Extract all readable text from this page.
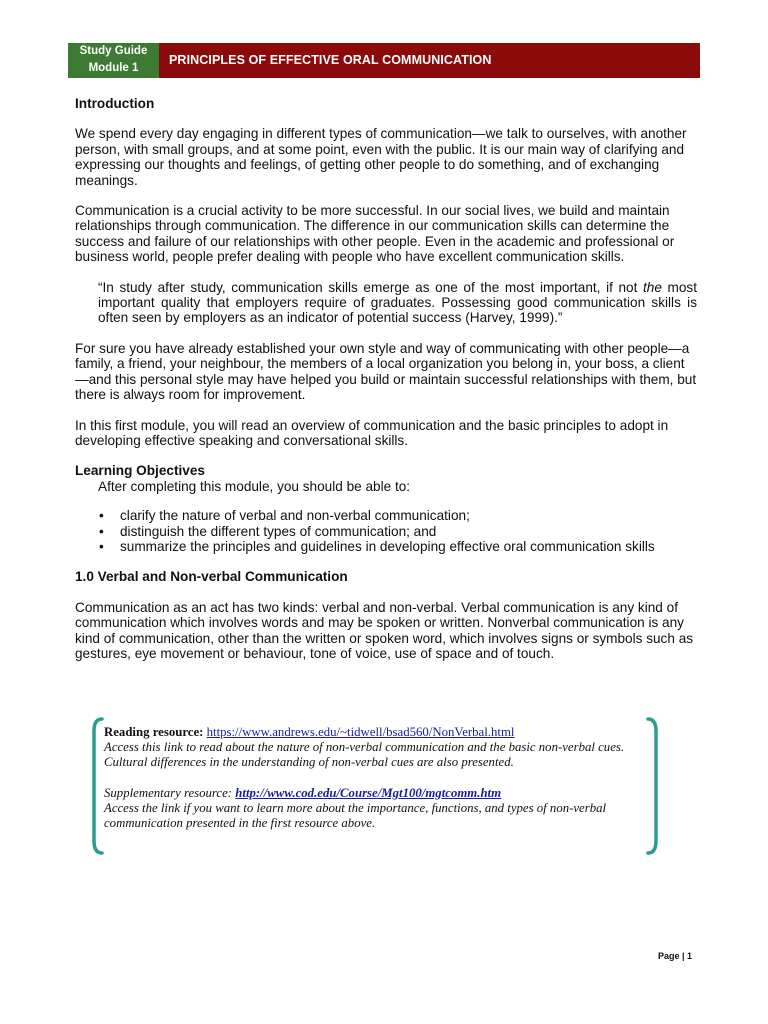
Study Guide
Module 1
PRINCIPLES OF EFFECTIVE ORAL COMMUNICATION

Introduction

We spend every day engaging in different types of communication—we talk to ourselves, with another person, with small groups, and at some point, even with the public. It is our main way of clarifying and expressing our thoughts and feelings, of getting other people to do something, and of exchanging meanings.

Communication is a crucial activity to be more successful. In our social lives, we build and maintain relationships through communication. The difference in our communication skills can determine the success and failure of our relationships with other people. Even in the academic and professional or business world, people prefer dealing with people who have excellent communication skills.

“In study after study, communication skills emerge as one of the most important, if not the most important quality that employers require of graduates. Possessing good communication skills is often seen by employers as an indicator of potential success (Harvey, 1999).”

For sure you have already established your own style and way of communicating with other people—a family, a friend, your neighbour, the members of a local organization you belong in, your boss, a client—and this personal style may have helped you build or maintain successful relationships with them, but there is always room for improvement.

In this first module, you will read an overview of communication and the basic principles to adopt in developing effective speaking and conversational skills.

Learning Objectives

After completing this module, you should be able to:

• clarify the nature of verbal and non-verbal communication;
• distinguish the different types of communication; and
• summarize the principles and guidelines in developing effective oral communication skills

1.0 Verbal and Non-verbal Communication

Communication as an act has two kinds: verbal and non-verbal. Verbal communication is any kind of communication which involves words and may be spoken or written. Nonverbal communication is any kind of communication, other than the written or spoken word, which involves signs or symbols such as gestures, eye movement or behaviour, tone of voice, use of space and of touch.

Reading resource: https://www.andrews.edu/~tidwell/bsad560/NonVerbal.html
Access this link to read about the nature of non-verbal communication and the basic non-verbal cues. Cultural differences in the understanding of non-verbal cues are also presented.
Supplementary resource: http://www.cod.edu/Course/Mgt100/mgtcomm.htm
Access the link if you want to learn more about the importance, functions, and types of non-verbal communication presented in the first resource above.
Page | 1
